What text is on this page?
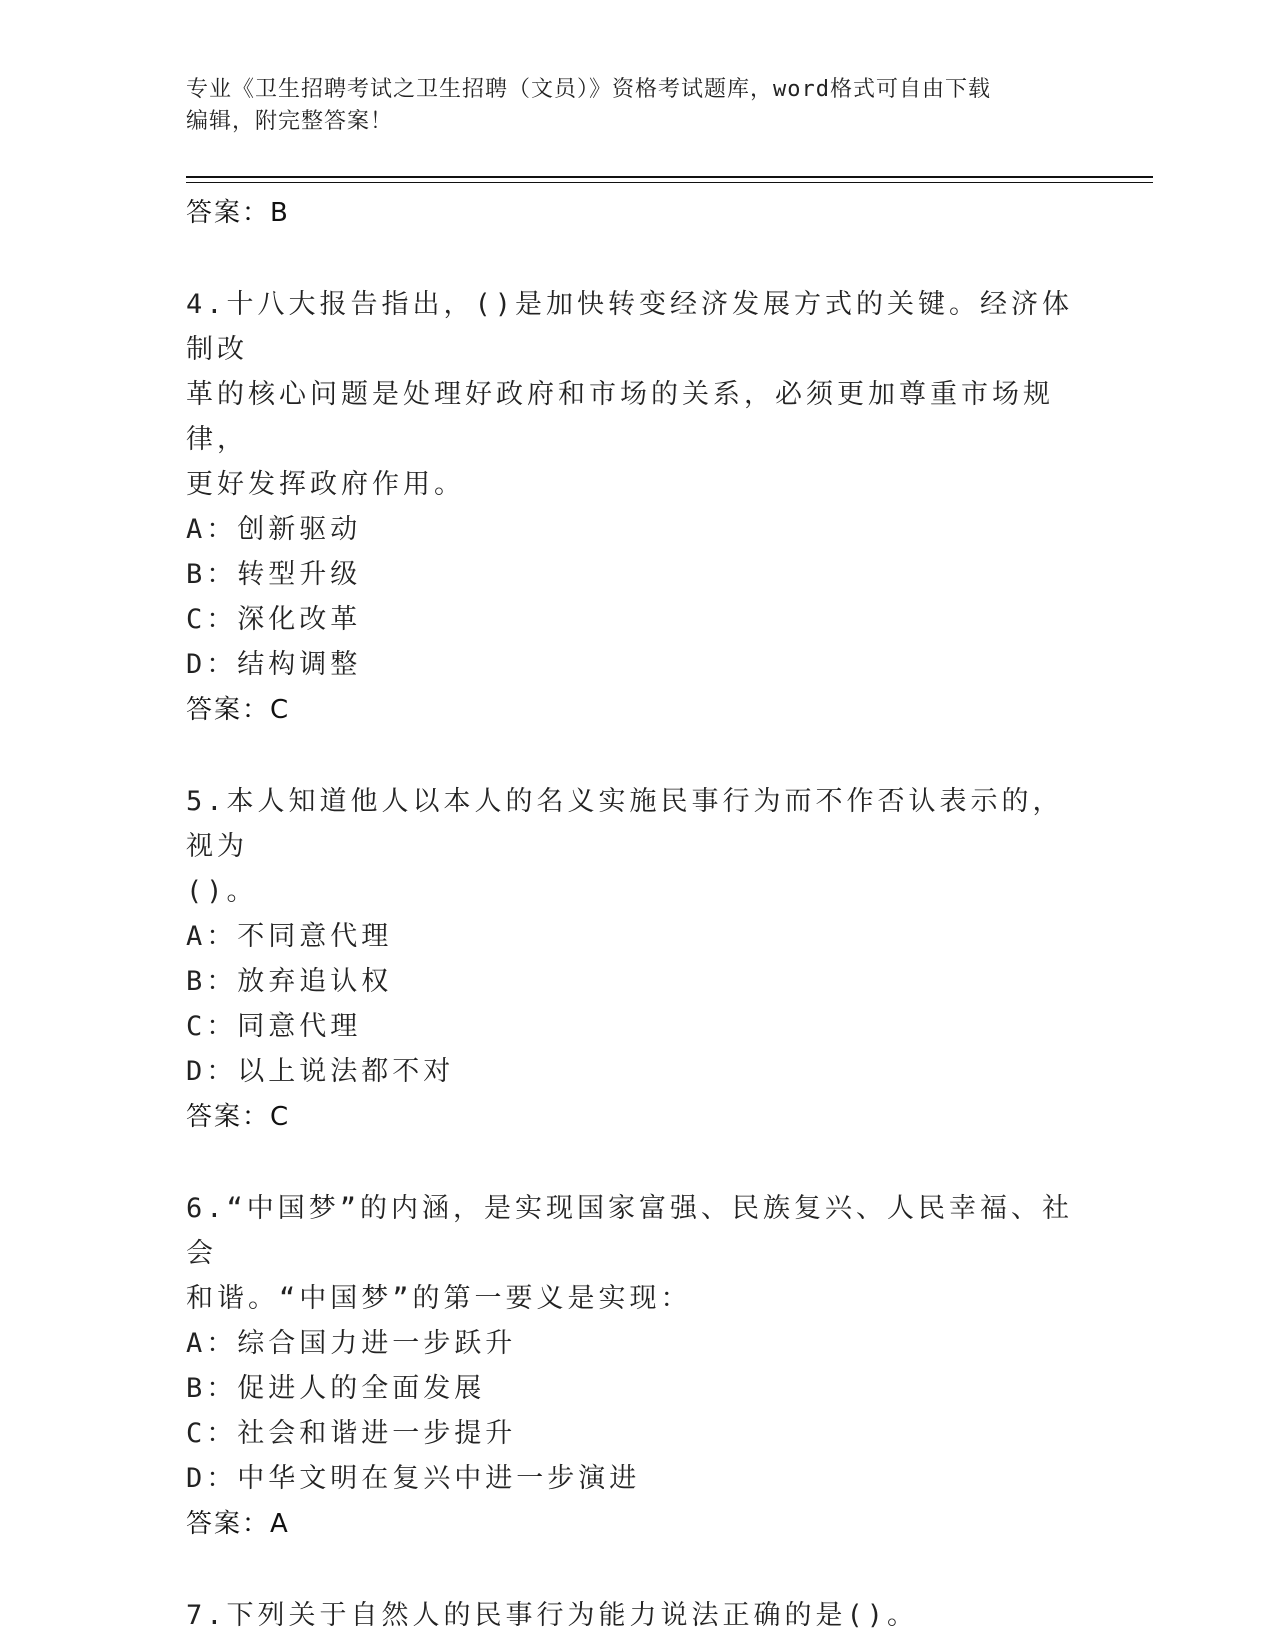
专业《卫生招聘考试之卫生招聘（文员）》资格考试题库，word格式可自由下载
编辑，附完整答案！
答案：B
4.十八大报告指出，()是加快转变经济发展方式的关键。经济体制改
革的核心问题是处理好政府和市场的关系，必须更加尊重市场规律，
更好发挥政府作用。
A：创新驱动
B：转型升级
C：深化改革
D：结构调整
答案：C
5.本人知道他人以本人的名义实施民事行为而不作否认表示的，视为
()。
A：不同意代理
B：放弃追认权
C：同意代理
D：以上说法都不对
答案：C
6.“中国梦”的内涵，是实现国家富强、民族复兴、人民幸福、社会
和谐。“中国梦”的第一要义是实现：
A：综合国力进一步跃升
B：促进人的全面发展
C：社会和谐进一步提升
D：中华文明在复兴中进一步演进
答案：A
7.下列关于自然人的民事行为能力说法正确的是()。
